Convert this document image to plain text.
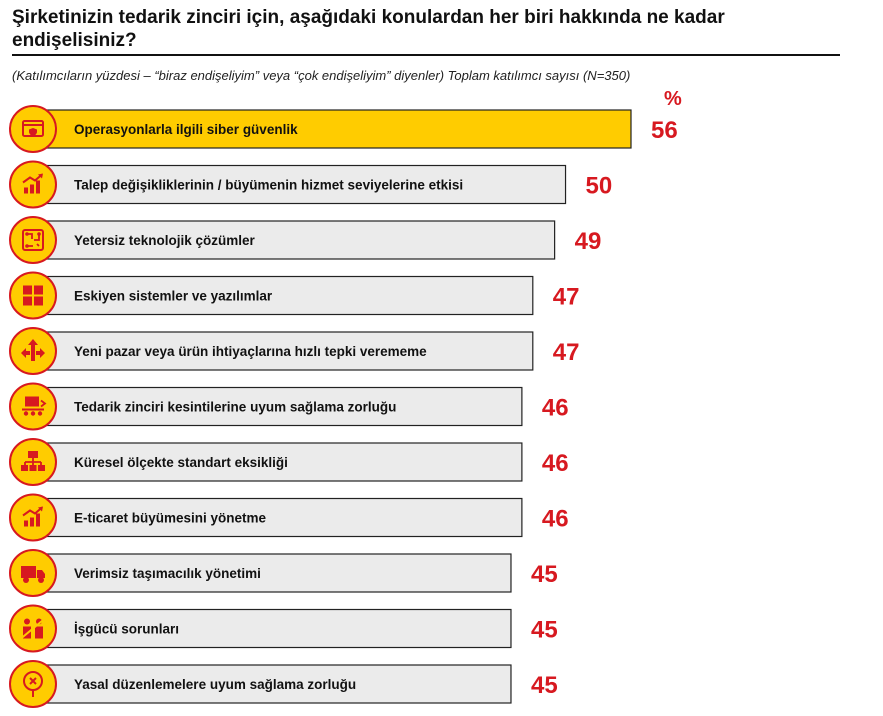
Şirketinizin tedarik zinciri için, aşağıdaki konulardan her biri hakkında ne kadar endişelisiniz?
(Katılımcıların yüzdesi – “biraz endişeliyim” veya “çok endişeliyim” diyenler) Toplam katılımcı sayısı (N=350)
%
Operasyonlarla ilgili siber güvenlik	56
Talep değişikliklerinin / büyümenin hizmet seviyelerine etkisi	50
Yetersiz teknolojik çözümler	49
Eskiyen sistemler ve yazılımlar	47
Yeni pazar veya ürün ihtiyaçlarına hızlı tepki verememe	47
Tedarik zinciri kesintilerine uyum sağlama zorluğu	46
Küresel ölçekte standart eksikliği	46
E-ticaret büyümesini yönetme	46
Verimsiz taşımacılık yönetimi	45
İşgücü sorunları	45
Yasal düzenlemelere uyum sağlama zorluğu	45
